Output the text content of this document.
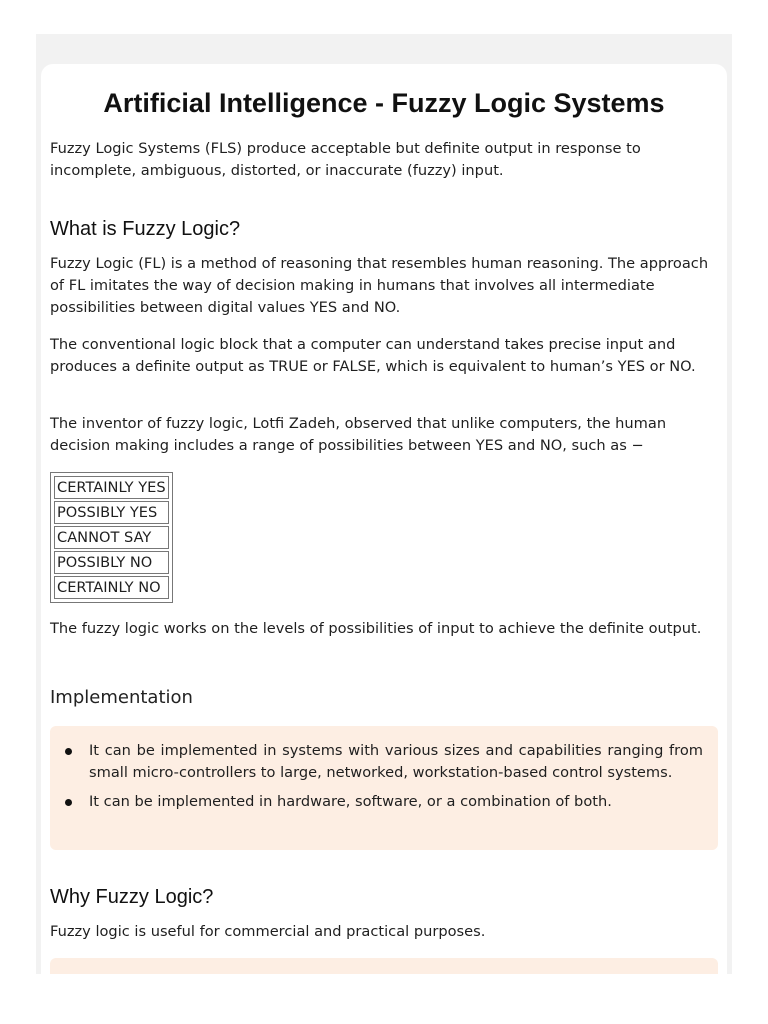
Artificial Intelligence - Fuzzy Logic Systems

Fuzzy Logic Systems (FLS) produce acceptable but definite output in response to incomplete, ambiguous, distorted, or inaccurate (fuzzy) input.

What is Fuzzy Logic?

Fuzzy Logic (FL) is a method of reasoning that resembles human reasoning. The approach of FL imitates the way of decision making in humans that involves all intermediate possibilities between digital values YES and NO.

The conventional logic block that a computer can understand takes precise input and produces a definite output as TRUE or FALSE, which is equivalent to human’s YES or NO.

The inventor of fuzzy logic, Lotfi Zadeh, observed that unlike computers, the human decision making includes a range of possibilities between YES and NO, such as −

CERTAINLY YES
POSSIBLY YES
CANNOT SAY
POSSIBLY NO
CERTAINLY NO

The fuzzy logic works on the levels of possibilities of input to achieve the definite output.

Implementation
It can be implemented in systems with various sizes and capabilities ranging from small micro-controllers to large, networked, workstation-based control systems.
It can be implemented in hardware, software, or a combination of both.
Why Fuzzy Logic?

Fuzzy logic is useful for commercial and practical purposes.
